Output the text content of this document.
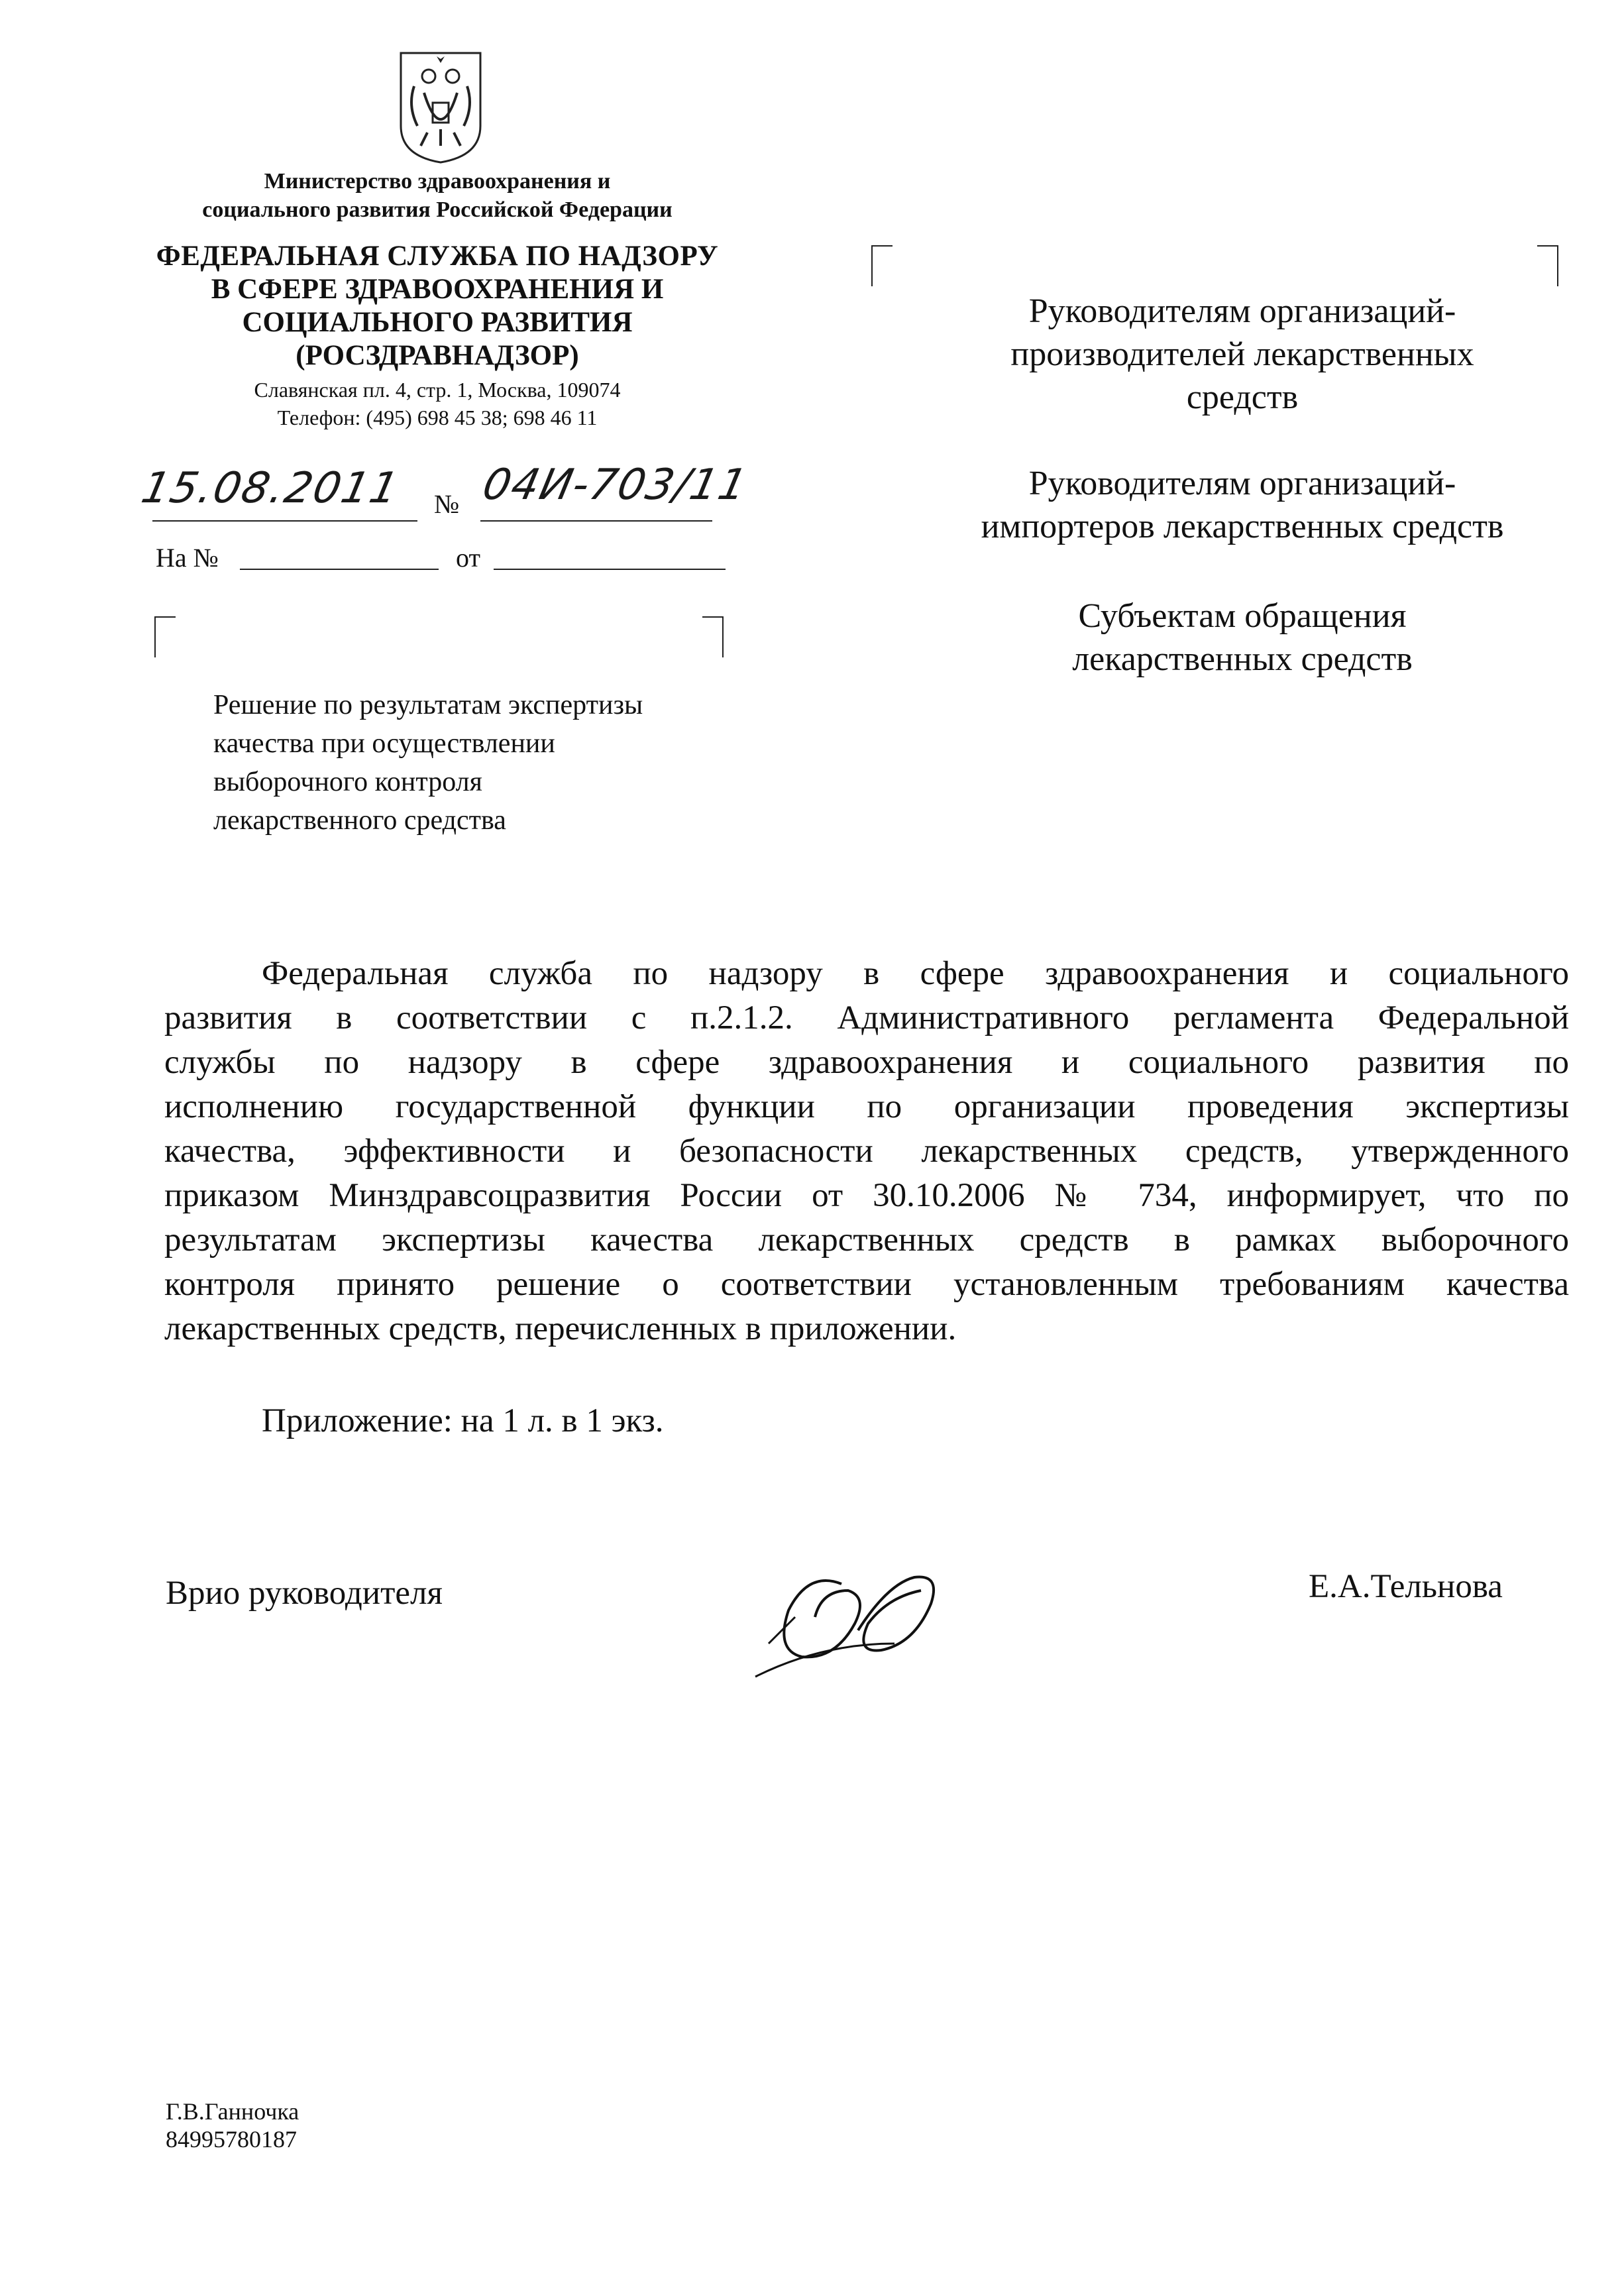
Министерство здравоохранения и
социального развития Российской Федерации
ФЕДЕРАЛЬНАЯ СЛУЖБА ПО НАДЗОРУ
В СФЕРЕ ЗДРАВООХРАНЕНИЯ И
СОЦИАЛЬНОГО РАЗВИТИЯ
(РОСЗДРАВНАДЗОР)
Славянская пл. 4, стр. 1, Москва, 109074
Телефон: (495) 698 45 38; 698 46 11
15.08.2011 № 04И-703/11
На №	от
Решение по результатам экспертизы
качества при осуществлении
выборочного контроля
лекарственного средства
Руководителям организаций-
производителей лекарственных
средств
Руководителям организаций-
импортеров лекарственных средств
Субъектам обращения
лекарственных средств
Федеральная служба по надзору в сфере здравоохранения и социального
развития в соответствии с п.2.1.2. Административного регламента Федеральной
службы по надзору в сфере здравоохранения и социального развития по
исполнению государственной функции по организации проведения экспертизы
качества, эффективности и безопасности лекарственных средств, утвержденного
приказом Минздравсоцразвития России от 30.10.2006 № 734, информирует, что по
результатам экспертизы качества лекарственных средств в рамках выборочного
контроля принято решение о соответствии установленным требованиям качества
лекарственных средств, перечисленных в приложении.
Приложение: на 1 л. в 1 экз.
Врио руководителя	Е.А.Тельнова
Г.В.Ганночка
84995780187
